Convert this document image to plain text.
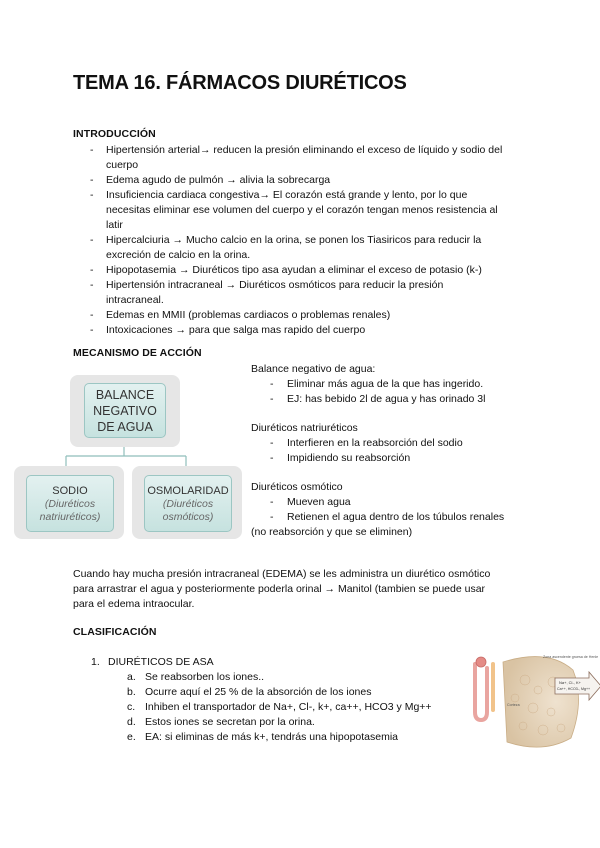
TEMA 16. FÁRMACOS DIURÉTICOS
INTRODUCCIÓN
- Hipertensión arterial→ reducen la presión eliminando el exceso de líquido y sodio del
cuerpo
- Edema agudo de pulmón → alivia la sobrecarga
- Insuficiencia cardiaca congestiva→ El corazón está grande y lento, por lo que
necesitas eliminar ese volumen del cuerpo y el corazón tengan menos resistencia al
latir
- Hipercalciuria → Mucho calcio en la orina, se ponen los Tiasiricos para reducir la
excreción de calcio en la orina.
- Hipopotasemia → Diuréticos tipo asa ayudan a eliminar el exceso de potasio (k-)
- Hipertensión intracraneal → Diuréticos osmóticos para reducir la presión
intracraneal.
- Edemas en MMII (problemas cardiacos o problemas renales)
- Intoxicaciones → para que salga mas rapido del cuerpo
MECANISMO DE ACCIÓN
BALANCE NEGATIVO DE AGUA
SODIO
(Diuréticos natriuréticos)
OSMOLARIDAD
(Diuréticos osmóticos)
Balance negativo de agua:
- Eliminar más agua de la que has ingerido.
- EJ: has bebido 2l de agua y has orinado 3l
Diuréticos natriuréticos
- Interfieren en la reabsorción del sodio
- Impidiendo su reabsorción
Diuréticos osmótico
- Mueven agua
- Retienen el agua dentro de los túbulos renales
(no reabsorción y que se eliminen)
Cuando hay mucha presión intracraneal (EDEMA) se les administra un diurético osmótico
para arrastrar el agua y posteriormente poderla orinal → Manitol (tambien se puede usar
para el edema intraocular.
CLASIFICACIÓN
1. DIURÉTICOS DE ASA
a. Se reabsorben los iones..
b. Ocurre aquí el 25 % de la absorción de los iones
c. Inhiben el transportador de Na+, Cl-, k+, ca++, HCO3 y Mg++
d. Estos iones se secretan por la orina.
e. EA: si eliminas de más k+, tendrás una hipopotasemia
Na+, Cl-, K+
Ca++, HCO3-, Mg++
Zona ascendente gruesa de Henle
Corteza
